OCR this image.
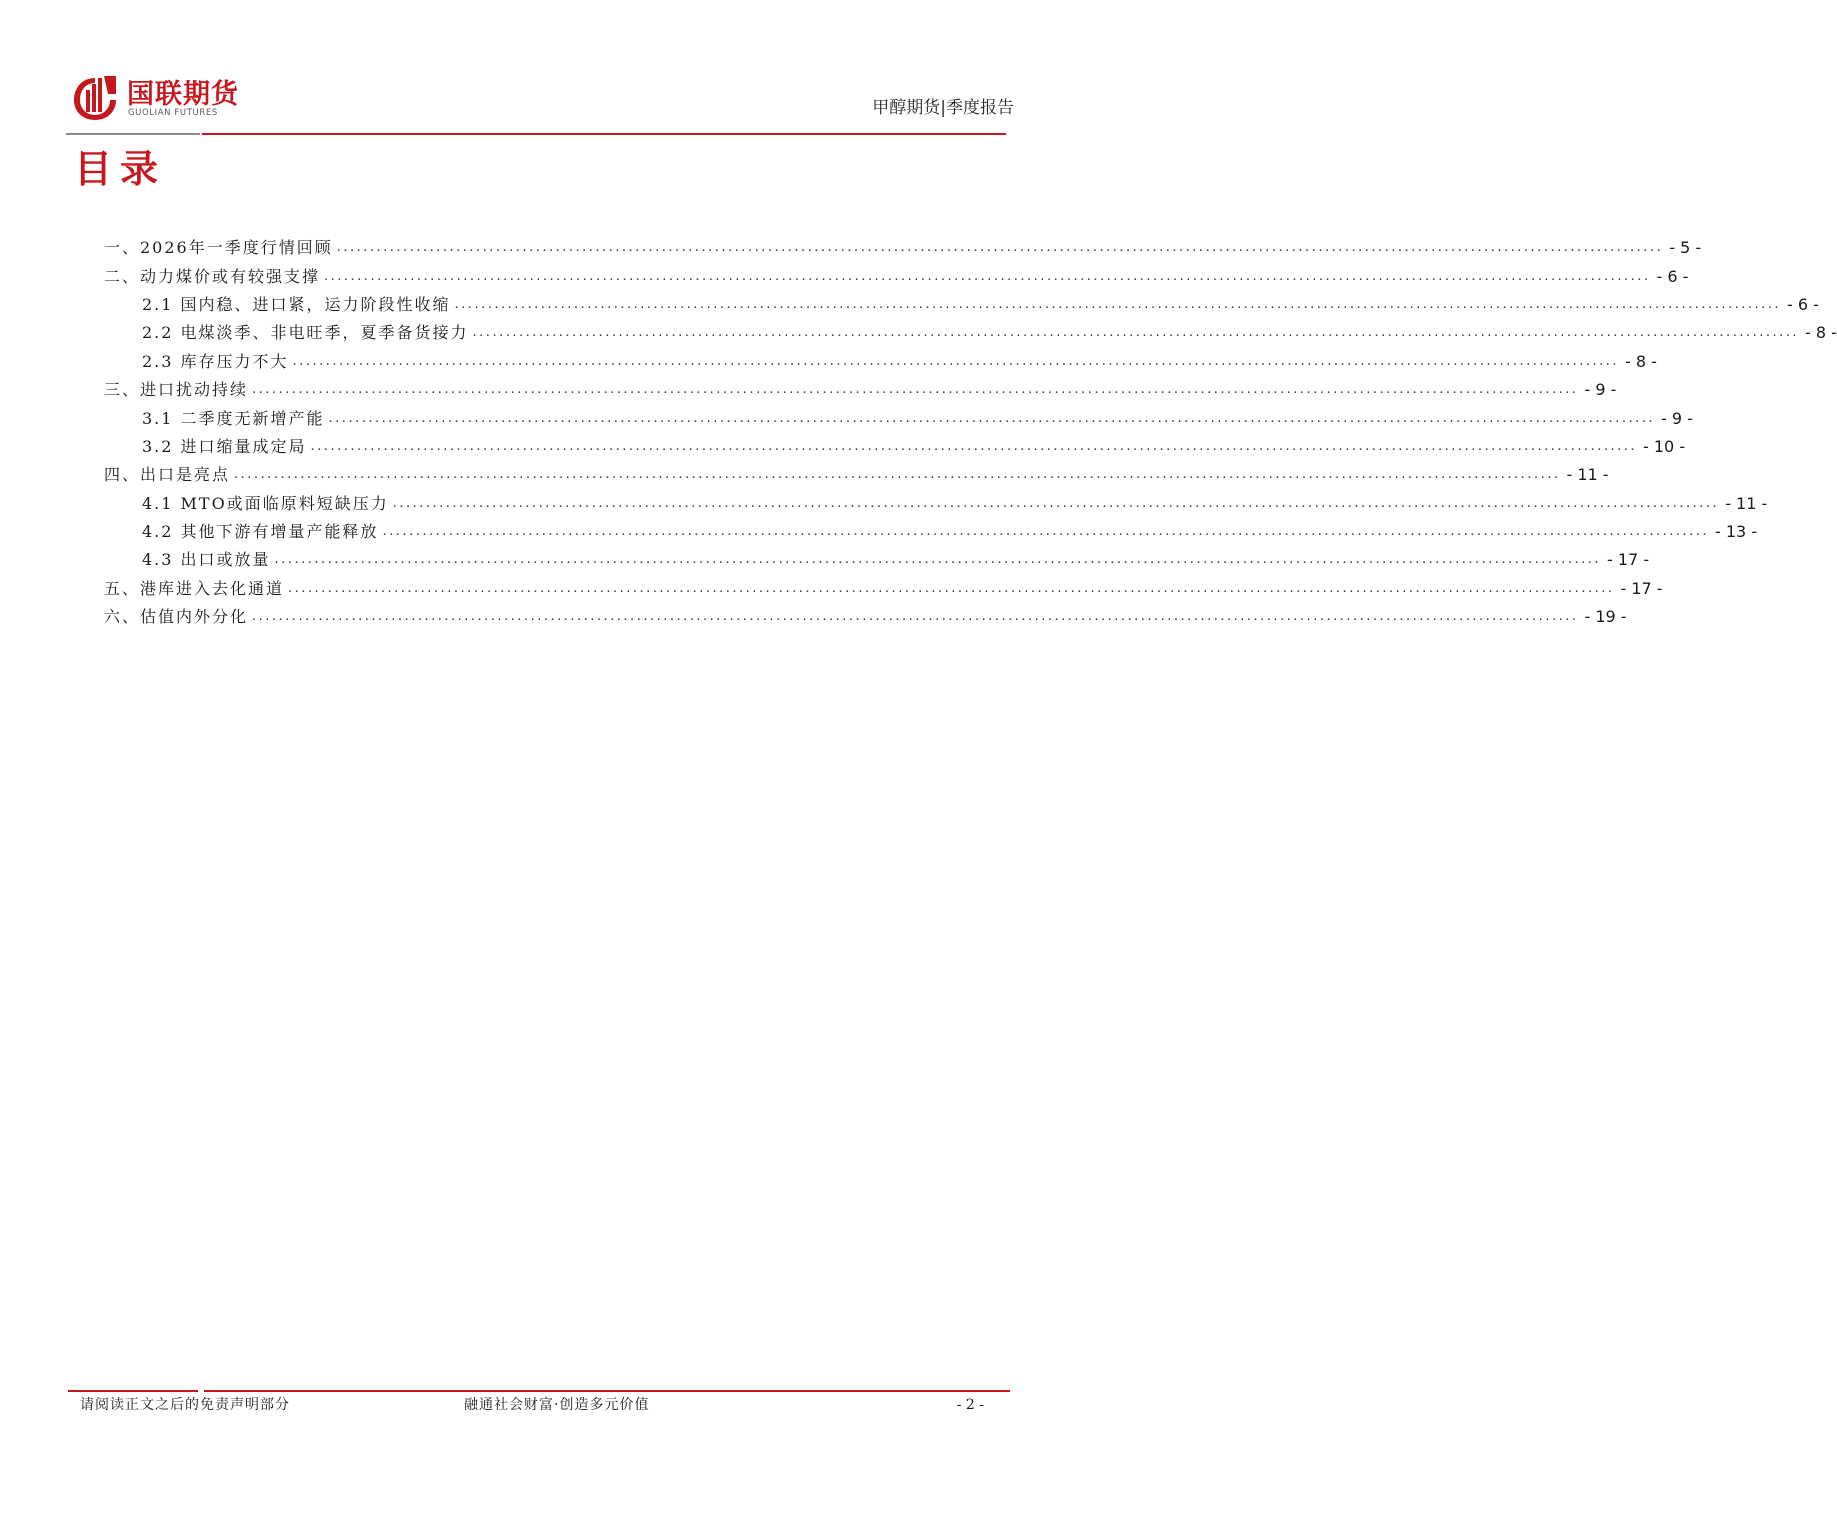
国联期货
GUOLIAN FUTURES	甲醇期货|季度报告
目录
一、2026年一季度行情回顾 ........................................................................................................................................................................................................ - 5 -
二、动力煤价或有较强支撑 ........................................................................................................................................................................................................ - 6 -
2.1 国内稳、进口紧，运力阶段性收缩 ........................................................................................................................................................................................................ - 6 -
2.2 电煤淡季、非电旺季，夏季备货接力 ........................................................................................................................................................................................................ - 8 -
2.3 库存压力不大 ........................................................................................................................................................................................................ - 8 -
三、进口扰动持续 ........................................................................................................................................................................................................ - 9 -
3.1 二季度无新增产能 ........................................................................................................................................................................................................ - 9 -
3.2 进口缩量成定局 ........................................................................................................................................................................................................ - 10 -
四、出口是亮点 ........................................................................................................................................................................................................ - 11 -
4.1 MTO或面临原料短缺压力 ........................................................................................................................................................................................................ - 11 -
4.2 其他下游有增量产能释放 ........................................................................................................................................................................................................ - 13 -
4.3 出口或放量 ........................................................................................................................................................................................................ - 17 -
五、港库进入去化通道 ........................................................................................................................................................................................................ - 17 -
六、估值内外分化 ........................................................................................................................................................................................................ - 19 -
请阅读正文之后的免责声明部分	融通社会财富·创造多元价值	- 2 -
